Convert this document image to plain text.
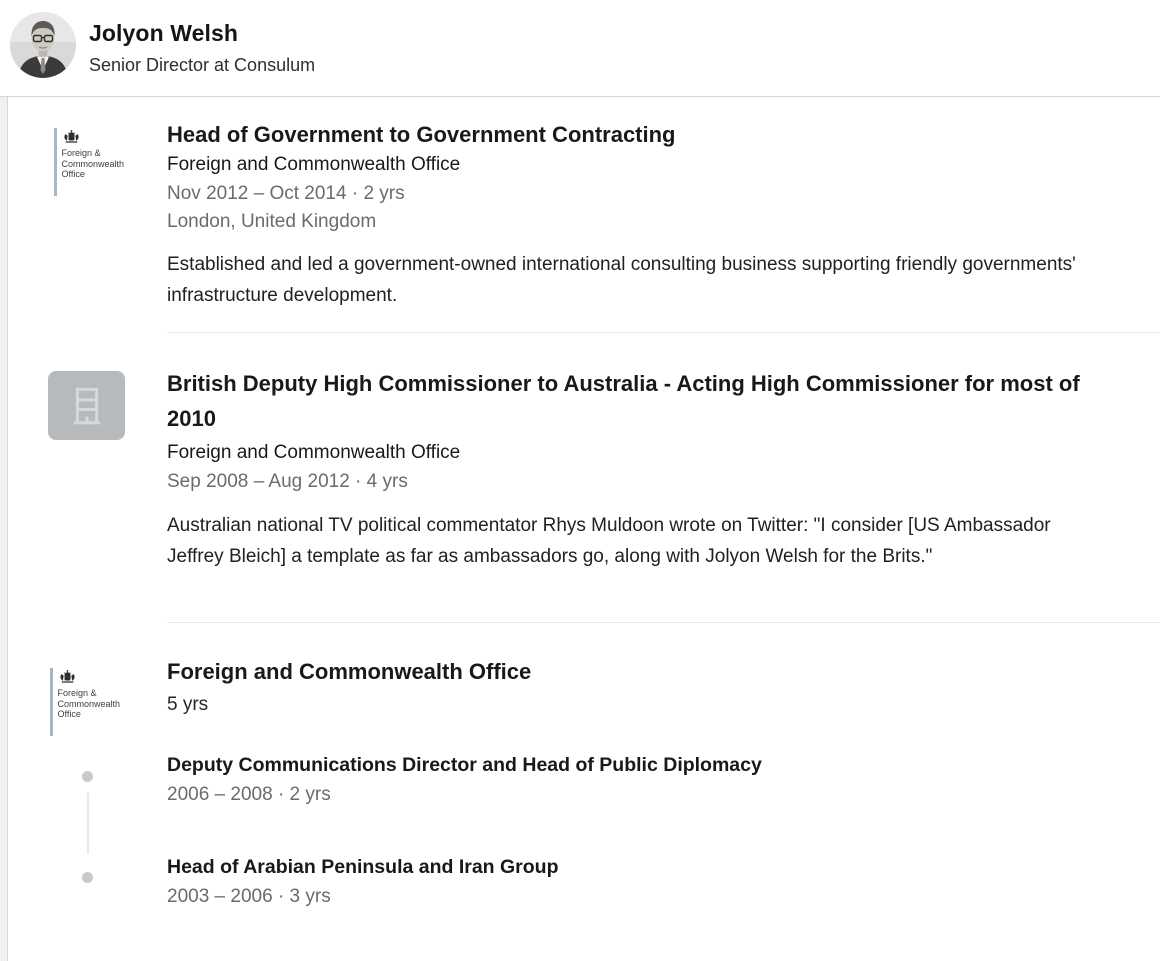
Jolyon Welsh
Senior Director at Consulum
Foreign &
Commonwealth
Office
Head of Government to Government Contracting
Foreign and Commonwealth Office
Nov 2012 – Oct 2014 · 2 yrs
London, United Kingdom
Established and led a government-owned international consulting business supporting friendly governments' infrastructure development.
British Deputy High Commissioner to Australia - Acting High Commissioner for most of 2010
Foreign and Commonwealth Office
Sep 2008 – Aug 2012 · 4 yrs
Australian national TV political commentator Rhys Muldoon wrote on Twitter: "I consider [US Ambassador Jeffrey Bleich] a template as far as ambassadors go, along with Jolyon Welsh for the Brits."
Foreign &
Commonwealth
Office
Foreign and Commonwealth Office
5 yrs
Deputy Communications Director and Head of Public Diplomacy
2006 – 2008 · 2 yrs
Head of Arabian Peninsula and Iran Group
2003 – 2006 · 3 yrs
